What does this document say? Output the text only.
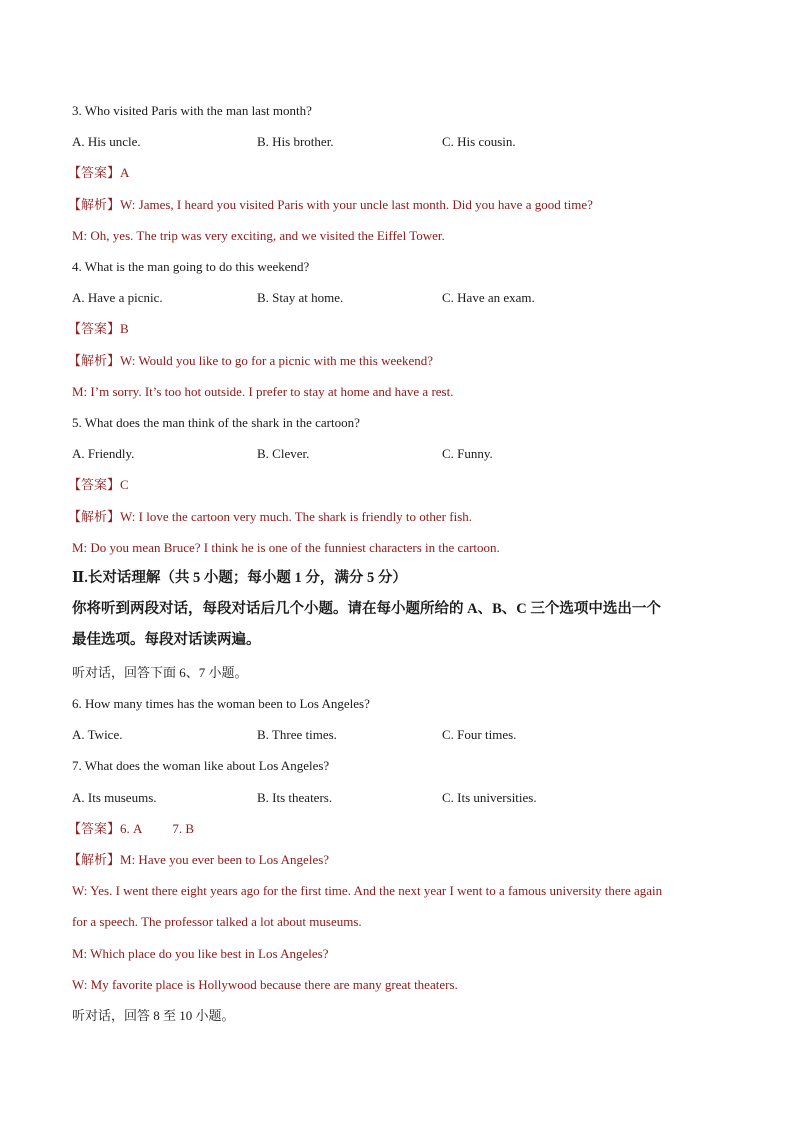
3. Who visited Paris with the man last month?
A. His uncle.	B. His brother.	C. His cousin.
【答案】A
【解析】W: James, I heard you visited Paris with your uncle last month. Did you have a good time?
M: Oh, yes. The trip was very exciting, and we visited the Eiffel Tower.
4. What is the man going to do this weekend?
A. Have a picnic.	B. Stay at home.	C. Have an exam.
【答案】B
【解析】W: Would you like to go for a picnic with me this weekend?
M: I’m sorry. It’s too hot outside. I prefer to stay at home and have a rest.
5. What does the man think of the shark in the cartoon?
A. Friendly.	B. Clever.	C. Funny.
【答案】C
【解析】W: I love the cartoon very much. The shark is friendly to other fish.
M: Do you mean Bruce? I think he is one of the funniest characters in the cartoon.
Ⅱ.长对话理解（共 5 小题；每小题 1 分，满分 5 分）
你将听到两段对话，每段对话后几个小题。请在每小题所给的 A、B、C 三个选项中选出一个
最佳选项。每段对话读两遍。
听对话，回答下面 6、7 小题。
6. How many times has the woman been to Los Angeles?
A. Twice.	B. Three times.	C. Four times.
7. What does the woman like about Los Angeles?
A. Its museums.	B. Its theaters.	C. Its universities.
【答案】6. A 7. B
【解析】M: Have you ever been to Los Angeles?
W: Yes. I went there eight years ago for the first time. And the next year I went to a famous university there again
for a speech. The professor talked a lot about museums.
M: Which place do you like best in Los Angeles?
W: My favorite place is Hollywood because there are many great theaters.
听对话，回答 8 至 10 小题。
